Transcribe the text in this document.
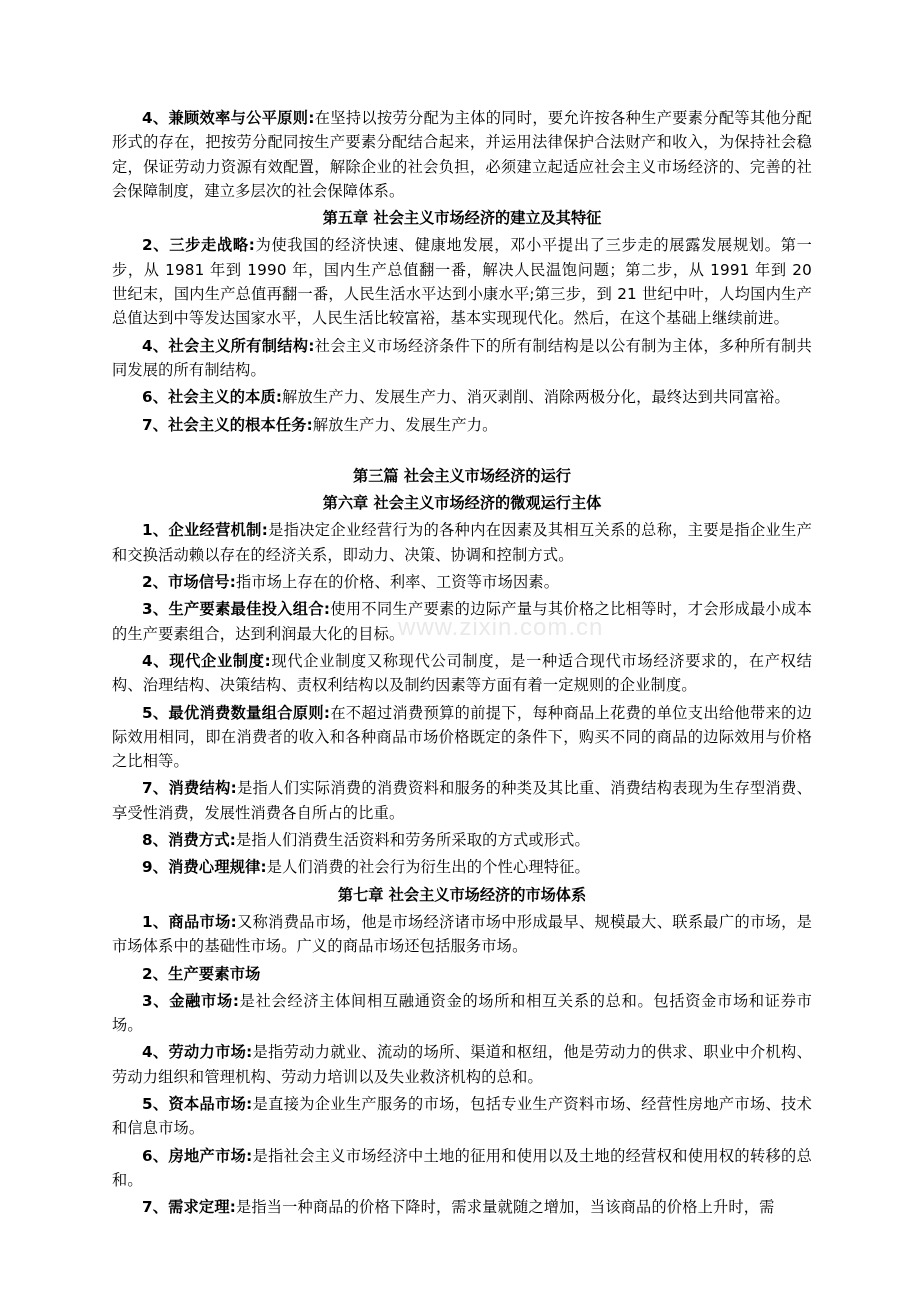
www.zixin.com.cn

4、兼顾效率与公平原则:在坚持以按劳分配为主体的同时，要允许按各种生产要素分配等其他分配形式的存在，把按劳分配同按生产要素分配结合起来，并运用法律保护合法财产和收入，为保持社会稳定，保证劳动力资源有效配置，解除企业的社会负担，必须建立起适应社会主义市场经济的、完善的社会保障制度，建立多层次的社会保障体系。

第五章 社会主义市场经济的建立及其特征

2、三步走战略:为使我国的经济快速、健康地发展，邓小平提出了三步走的展露发展规划。第一步，从 1981 年到 1990 年，国内生产总值翻一番，解决人民温饱问题；第二步，从 1991 年到 20 世纪末，国内生产总值再翻一番，人民生活水平达到小康水平;第三步，到 21 世纪中叶，人均国内生产总值达到中等发达国家水平，人民生活比较富裕，基本实现现代化。然后，在这个基础上继续前进。

4、社会主义所有制结构:社会主义市场经济条件下的所有制结构是以公有制为主体，多种所有制共同发展的所有制结构。

6、社会主义的本质:解放生产力、发展生产力、消灭剥削、消除两极分化，最终达到共同富裕。

7、社会主义的根本任务:解放生产力、发展生产力。

第三篇 社会主义市场经济的运行
第六章 社会主义市场经济的微观运行主体

1、企业经营机制:是指决定企业经营行为的各种内在因素及其相互关系的总称，主要是指企业生产和交换活动赖以存在的经济关系，即动力、决策、协调和控制方式。

2、市场信号:指市场上存在的价格、利率、工资等市场因素。

3、生产要素最佳投入组合:使用不同生产要素的边际产量与其价格之比相等时，才会形成最小成本的生产要素组合，达到利润最大化的目标。

4、现代企业制度:现代企业制度又称现代公司制度，是一种适合现代市场经济要求的，在产权结构、治理结构、决策结构、责权利结构以及制约因素等方面有着一定规则的企业制度。

5、最优消费数量组合原则:在不超过消费预算的前提下，每种商品上花费的单位支出给他带来的边际效用相同，即在消费者的收入和各种商品市场价格既定的条件下，购买不同的商品的边际效用与价格之比相等。

7、消费结构:是指人们实际消费的消费资料和服务的种类及其比重、消费结构表现为生存型消费、享受性消费，发展性消费各自所占的比重。

8、消费方式:是指人们消费生活资料和劳务所采取的方式或形式。

9、消费心理规律:是人们消费的社会行为衍生出的个性心理特征。

第七章 社会主义市场经济的市场体系

1、商品市场:又称消费品市场，他是市场经济诸市场中形成最早、规模最大、联系最广的市场，是市场体系中的基础性市场。广义的商品市场还包括服务市场。

2、生产要素市场

3、金融市场:是社会经济主体间相互融通资金的场所和相互关系的总和。包括资金市场和证券市场。

4、劳动力市场:是指劳动力就业、流动的场所、渠道和枢纽，他是劳动力的供求、职业中介机构、劳动力组织和管理机构、劳动力培训以及失业救济机构的总和。

5、资本品市场:是直接为企业生产服务的市场，包括专业生产资料市场、经营性房地产市场、技术和信息市场。

6、房地产市场:是指社会主义市场经济中土地的征用和使用以及土地的经营权和使用权的转移的总和。

7、需求定理:是指当一种商品的价格下降时，需求量就随之增加，当该商品的价格上升时，需
